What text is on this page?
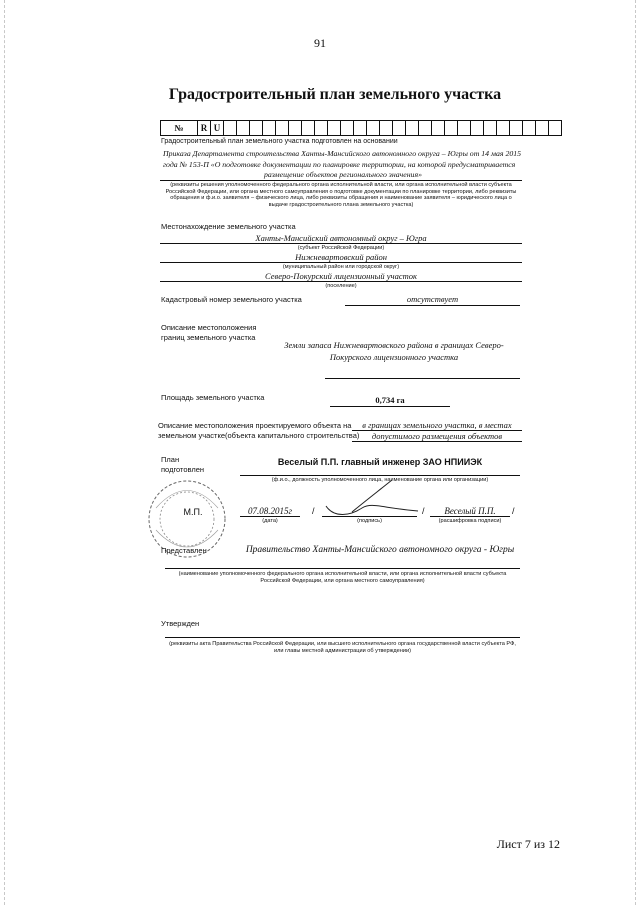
91
Градостроительный план земельного участка
№	R U
Градостроительный план земельного участка подготовлен на основании
Приказа Департамента строительства Ханты-Мансийского автономного округа – Югры от 14 мая 2015
года № 153-П «О подготовке документации по планировке территории, на которой предусматривается
размещение объектов регионального значения»
(реквизиты решения уполномоченного федерального органа исполнительной власти, или органа исполнительной власти субъекта
Российской Федерации, или органа местного самоуправления о подготовке документации по планировке территории, либо реквизиты
обращения и ф.и.о. заявителя – физического лица, либо реквизиты обращения и наименование заявителя – юридического лица о
выдаче градостроительного плана земельного участка)
Местонахождение земельного участка
Ханты-Мансийский автономный округ – Югра
(субъект Российской Федерации)
Нижневартовский район
(муниципальный район или городской округ)
Северо-Покурский лицензионный участок
(поселение)
Кадастровый номер земельного участка	отсутствует
Описание местоположения
границ земельного участка
Земли запаса Нижневартовского района в границах Северо-
Покурского лицензионного участка
Площадь земельного участка	0,734 га
Описание местоположения проектируемого объекта на
земельном участке(объекта капитального строительства)
в границах земельного участка, в местах
допустимого размещения объектов
План
подготовлен
Веселый П.П. главный инженер ЗАО НПИИЭК
(ф.и.о., должность уполномоченного лица, наименование органа или организации)
М.П.	07.08.2015г
(дата)
/
(подпись)
/	Веселый П.П.
(расшифровка подписи)
/
Представлен	Правительство Ханты-Мансийского автономного округа - Югры
(наименование уполномоченного федерального органа исполнительной власти, или органа исполнительной власти субъекта
Российской Федерации, или органа местного самоуправления)
Утвержден
(реквизиты акта Правительства Российской Федерации, или высшего исполнительного органа государственной власти субъекта РФ,
или главы местной администрации об утверждении)
Лист 7 из 12
